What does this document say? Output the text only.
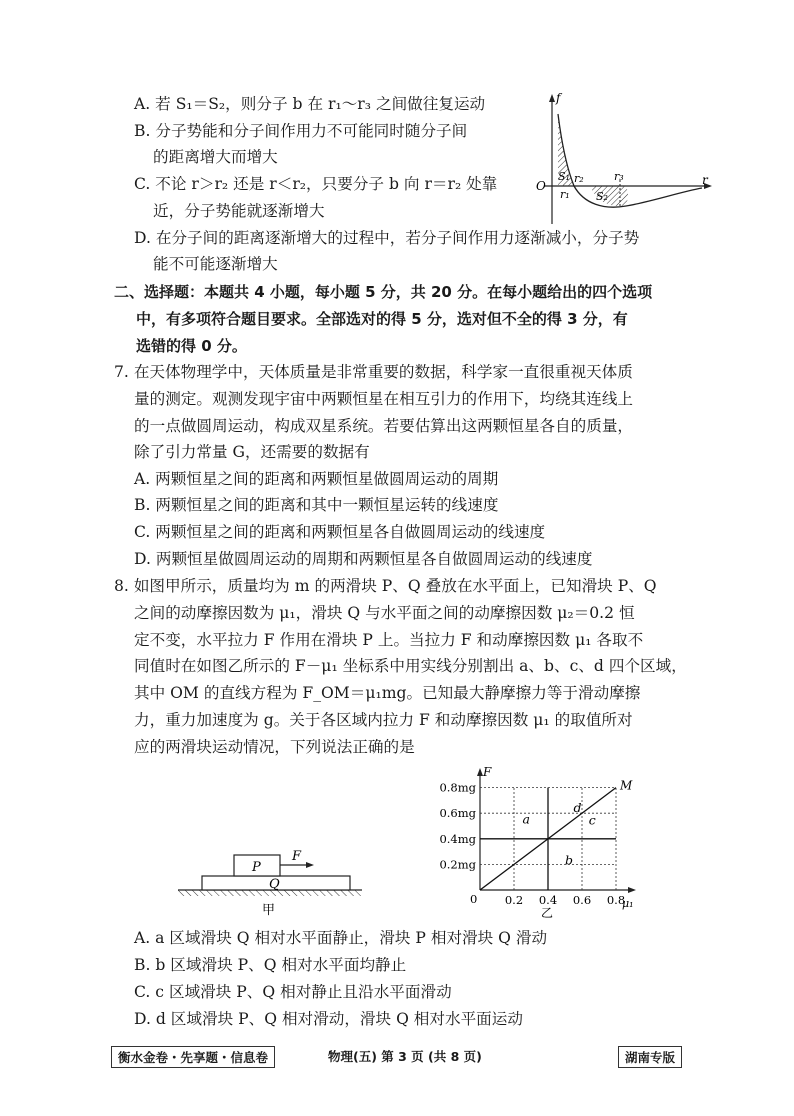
A. 若 S₁＝S₂，则分子 b 在 r₁～r₃ 之间做往复运动
B. 分子势能和分子间作用力不可能同时随分子间
的距离增大而增大
C. 不论 r＞r₂ 还是 r＜r₂，只要分子 b 向 r＝r₂ 处靠
近，分子势能就逐渐增大
D. 在分子间的距离逐渐增大的过程中，若分子间作用力逐渐减小，分子势
能不可能逐渐增大
O
f
r
r₁
r₂	r₃
S₁
S₂
二、选择题：本题共 4 小题，每小题 5 分，共 20 分。在每小题给出的四个选项
中，有多项符合题目要求。全部选对的得 5 分，选对但不全的得 3 分，有
选错的得 0 分。
7. 在天体物理学中，天体质量是非常重要的数据，科学家一直很重视天体质
量的测定。观测发现宇宙中两颗恒星在相互引力的作用下，均绕其连线上
的一点做圆周运动，构成双星系统。若要估算出这两颗恒星各自的质量，
除了引力常量 G，还需要的数据有
A. 两颗恒星之间的距离和两颗恒星做圆周运动的周期
B. 两颗恒星之间的距离和其中一颗恒星运转的线速度
C. 两颗恒星之间的距离和两颗恒星各自做圆周运动的线速度
D. 两颗恒星做圆周运动的周期和两颗恒星各自做圆周运动的线速度
8. 如图甲所示，质量均为 m 的两滑块 P、Q 叠放在水平面上，已知滑块 P、Q
之间的动摩擦因数为 μ₁，滑块 Q 与水平面之间的动摩擦因数 μ₂＝0.2 恒
定不变，水平拉力 F 作用在滑块 P 上。当拉力 F 和动摩擦因数 μ₁ 各取不
同值时在如图乙所示的 F－μ₁ 坐标系中用实线分别割出 a、b、c、d 四个区域，
其中 OM 的直线方程为 F_OM＝μ₁mg。已知最大静摩擦力等于滑动摩擦
力，重力加速度为 g。关于各区域内拉力 F 和动摩擦因数 μ₁ 的取值所对
应的两滑块运动情况，下列说法正确的是
P
Q
F
甲
0.8mg
0.6mg
0.4mg
0.2mg
0.2 0.4 0.6 0.8
M
a
b
c
d
F
μ₁
0
乙
A. a 区域滑块 Q 相对水平面静止，滑块 P 相对滑块 Q 滑动
B. b 区域滑块 P、Q 相对水平面均静止
C. c 区域滑块 P、Q 相对静止且沿水平面滑动
D. d 区域滑块 P、Q 相对滑动，滑块 Q 相对水平面运动
衡水金卷・先享题・信息卷	物理(五) 第 3 页 (共 8 页)	湖南专版
